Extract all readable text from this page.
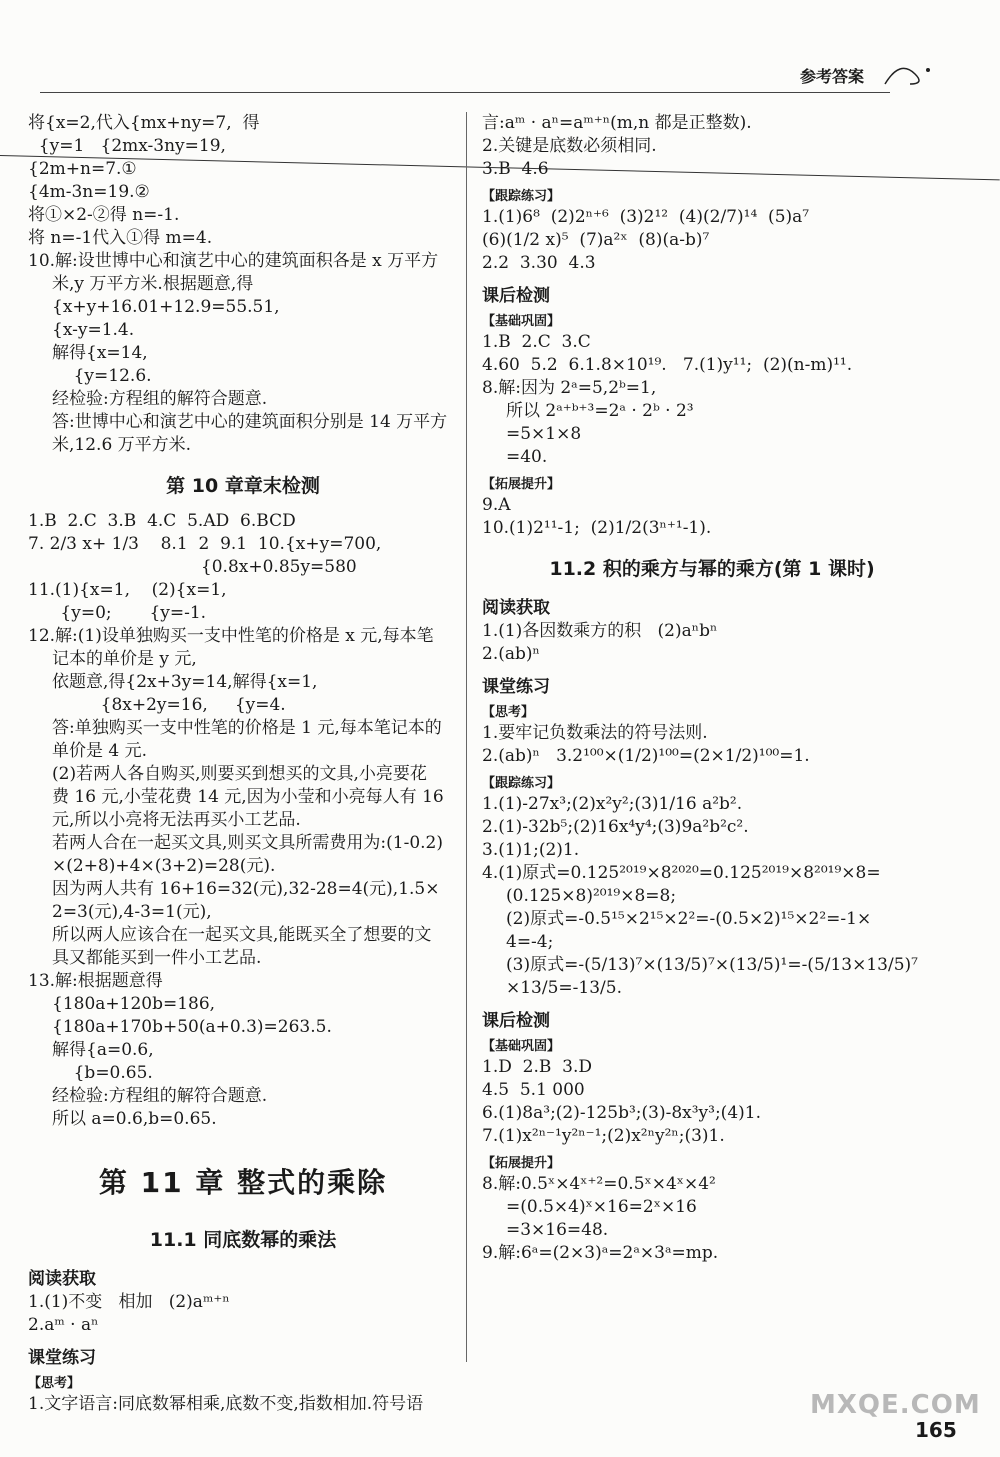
参考答案
将{x=2,代入{mx+ny=7,  得
{y=1   {2mx-3ny=19,
{2m+n=7.①
{4m-3n=19.②
将①×2-②得 n=-1.
将 n=-1代入①得 m=4.
10.解:设世博中心和演艺中心的建筑面积各是 x 万平方
米,y 万平方米.根据题意,得
{x+y+16.01+12.9=55.51,
{x-y=1.4.
解得{x=14,
{y=12.6.
经检验:方程组的解符合题意.
答:世博中心和演艺中心的建筑面积分别是 14 万平方
米,12.6 万平方米.
第 10 章章末检测
1.B  2.C  3.B  4.C  5.AD  6.BCD
7. 2/3 x+ 1/3    8.1  2  9.1  10.{x+y=700,
{0.8x+0.85y=580
11.(1){x=1,    (2){x=1,
{y=0;       {y=-1.
12.解:(1)设单独购买一支中性笔的价格是 x 元,每本笔
记本的单价是 y 元,
依题意,得{2x+3y=14,解得{x=1,
{8x+2y=16,     {y=4.
答:单独购买一支中性笔的价格是 1 元,每本笔记本的
单价是 4 元.
(2)若两人各自购买,则要买到想买的文具,小亮要花
费 16 元,小莹花费 14 元,因为小莹和小亮每人有 16
元,所以小亮将无法再买小工艺品.
若两人合在一起买文具,则买文具所需费用为:(1-0.2)
×(2+8)+4×(3+2)=28(元).
因为两人共有 16+16=32(元),32-28=4(元),1.5×
2=3(元),4-3=1(元),
所以两人应该合在一起买文具,能既买全了想要的文
具又都能买到一件小工艺品.
13.解:根据题意得
{180a+120b=186,
{180a+170b+50(a+0.3)=263.5.
解得{a=0.6,
{b=0.65.
经检验:方程组的解符合题意.
所以 a=0.6,b=0.65.
第 11 章 整式的乘除
11.1 同底数幂的乘法
阅读获取
1.(1)不变   相加   (2)aᵐ⁺ⁿ
2.aᵐ · aⁿ
课堂练习
【思考】
1.文字语言:同底数幂相乘,底数不变,指数相加.符号语
言:aᵐ · aⁿ=aᵐ⁺ⁿ(m,n 都是正整数).
2.关键是底数必须相同.
3.B  4.6
【跟踪练习】
1.(1)6⁸  (2)2ⁿ⁺⁶  (3)2¹²  (4)(2/7)¹⁴  (5)a⁷
(6)(1/2 x)⁵  (7)a²ˣ  (8)(a-b)⁷
2.2  3.30  4.3
课后检测
【基础巩固】
1.B  2.C  3.C
4.60  5.2  6.1.8×10¹⁹.   7.(1)y¹¹;  (2)(n-m)¹¹.
8.解:因为 2ᵃ=5,2ᵇ=1,
所以 2ᵃ⁺ᵇ⁺³=2ᵃ · 2ᵇ · 2³
=5×1×8
=40.
【拓展提升】
9.A
10.(1)2¹¹-1;  (2)1/2(3ⁿ⁺¹-1).
11.2 积的乘方与幂的乘方(第 1 课时)
阅读获取
1.(1)各因数乘方的积   (2)aⁿbⁿ
2.(ab)ⁿ
课堂练习
【思考】
1.要牢记负数乘法的符号法则.
2.(ab)ⁿ   3.2¹⁰⁰×(1/2)¹⁰⁰=(2×1/2)¹⁰⁰=1.
【跟踪练习】
1.(1)-27x³;(2)x²y²;(3)1/16 a²b².
2.(1)-32b⁵;(2)16x⁴y⁴;(3)9a²b²c².
3.(1)1;(2)1.
4.(1)原式=0.125²⁰¹⁹×8²⁰²⁰=0.125²⁰¹⁹×8²⁰¹⁹×8=
(0.125×8)²⁰¹⁹×8=8;
(2)原式=-0.5¹⁵×2¹⁵×2²=-(0.5×2)¹⁵×2²=-1×
4=-4;
(3)原式=-(5/13)⁷×(13/5)⁷×(13/5)¹=-(5/13×13/5)⁷
×13/5=-13/5.
课后检测
【基础巩固】
1.D  2.B  3.D
4.5  5.1 000
6.(1)8a³;(2)-125b³;(3)-8x³y³;(4)1.
7.(1)x²ⁿ⁻¹y²ⁿ⁻¹;(2)x²ⁿy²ⁿ;(3)1.
【拓展提升】
8.解:0.5ˣ×4ˣ⁺²=0.5ˣ×4ˣ×4²
=(0.5×4)ˣ×16=2ˣ×16
=3×16=48.
9.解:6ᵃ=(2×3)ᵃ=2ᵃ×3ᵃ=mp.
MXQE.COM
165
